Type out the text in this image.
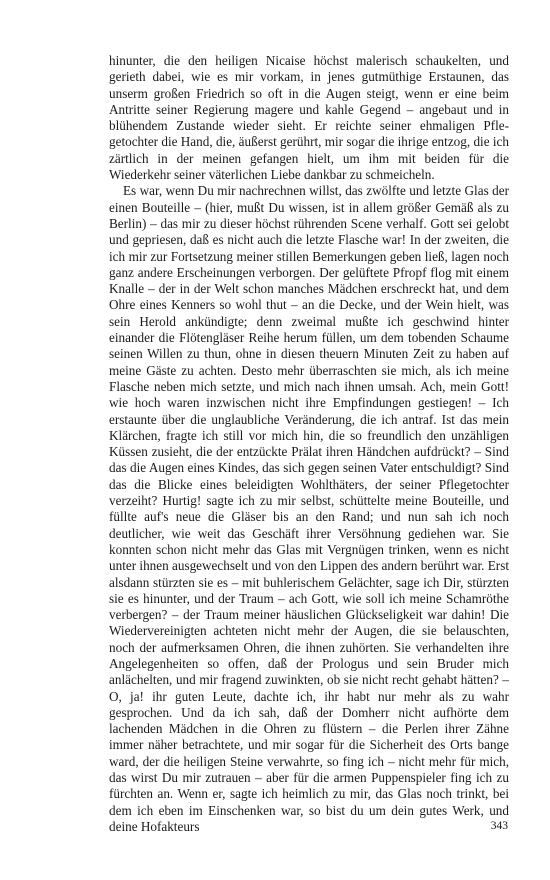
hinunter, die den heiligen Nicaise höchst malerisch schaukelten, und gerieth dabei, wie es mir vorkam, in jenes gutmüthige Erstaunen, das unserm großen Friedrich so oft in die Augen steigt, wenn er eine beim Antritte seiner Regierung magere und kahle Gegend – angebaut und in blühendem Zustande wieder sieht. Er reichte seiner ehmaligen Pflegetochter die Hand, die, äußerst gerührt, mir sogar die ihrige entzog, die ich zärtlich in der meinen gefangen hielt, um ihm mit beiden für die Wiederkehr seiner väterlichen Liebe dankbar zu schmeicheln.

Es war, wenn Du mir nachrechnen willst, das zwölfte und letzte Glas der einen Bouteille – (hier, mußt Du wissen, ist in allem größer Gemäß als zu Berlin) – das mir zu dieser höchst rührenden Scene verhalf. Gott sei gelobt und gepriesen, daß es nicht auch die letzte Flasche war! In der zweiten, die ich mir zur Fortsetzung meiner stillen Bemerkungen geben ließ, lagen noch ganz andere Erscheinungen verborgen. Der gelüftete Pfropf flog mit einem Knalle – der in der Welt schon manches Mädchen erschreckt hat, und dem Ohre eines Kenners so wohl thut – an die Decke, und der Wein hielt, was sein Herold ankündigte; denn zweimal mußte ich geschwind hinter einander die Flötengläser Reihe herum füllen, um dem tobenden Schaume seinen Willen zu thun, ohne in diesen theuern Minuten Zeit zu haben auf meine Gäste zu achten. Desto mehr überraschten sie mich, als ich meine Flasche neben mich setzte, und mich nach ihnen umsah. Ach, mein Gott! wie hoch waren inzwischen nicht ihre Empfindungen gestiegen! – Ich erstaunte über die unglaubliche Veränderung, die ich antraf. Ist das mein Klärchen, fragte ich still vor mich hin, die so freundlich den unzähligen Küssen zusieht, die der entzückte Prälat ihren Händchen aufdrückt? – Sind das die Augen eines Kindes, das sich gegen seinen Vater entschuldigt? Sind das die Blicke eines beleidigten Wohlthäters, der seiner Pflegetochter verzeiht? Hurtig! sagte ich zu mir selbst, schüttelte meine Bouteille, und füllte auf's neue die Gläser bis an den Rand; und nun sah ich noch deutlicher, wie weit das Geschäft ihrer Versöhnung gediehen war. Sie konnten schon nicht mehr das Glas mit Vergnügen trinken, wenn es nicht unter ihnen ausgewechselt und von den Lippen des andern berührt war. Erst alsdann stürzten sie es – mit buhlerischem Gelächter, sage ich Dir, stürzten sie es hinunter, und der Traum – ach Gott, wie soll ich meine Schamröthe verbergen? – der Traum meiner häuslichen Glückseligkeit war dahin! Die Wiedervereinigten achteten nicht mehr der Augen, die sie belauschten, noch der aufmerksamen Ohren, die ihnen zuhörten. Sie verhandelten ihre Angelegenheiten so offen, daß der Prologus und sein Bruder mich anlächelten, und mir fragend zuwinkten, ob sie nicht recht gehabt hätten? – O, ja! ihr guten Leute, dachte ich, ihr habt nur mehr als zu wahr gesprochen. Und da ich sah, daß der Domherr nicht aufhörte dem lachenden Mädchen in die Ohren zu flüstern – die Perlen ihrer Zähne immer näher betrachtete, und mir sogar für die Sicherheit des Orts bange ward, der die heiligen Steine verwahrte, so fing ich – nicht mehr für mich, das wirst Du mir zutrauen – aber für die armen Puppenspieler fing ich zu fürchten an. Wenn er, sagte ich heimlich zu mir, das Glas noch trinkt, bei dem ich eben im Einschenken war, so bist du um dein gutes Werk, und deine Hofakteurs	343
